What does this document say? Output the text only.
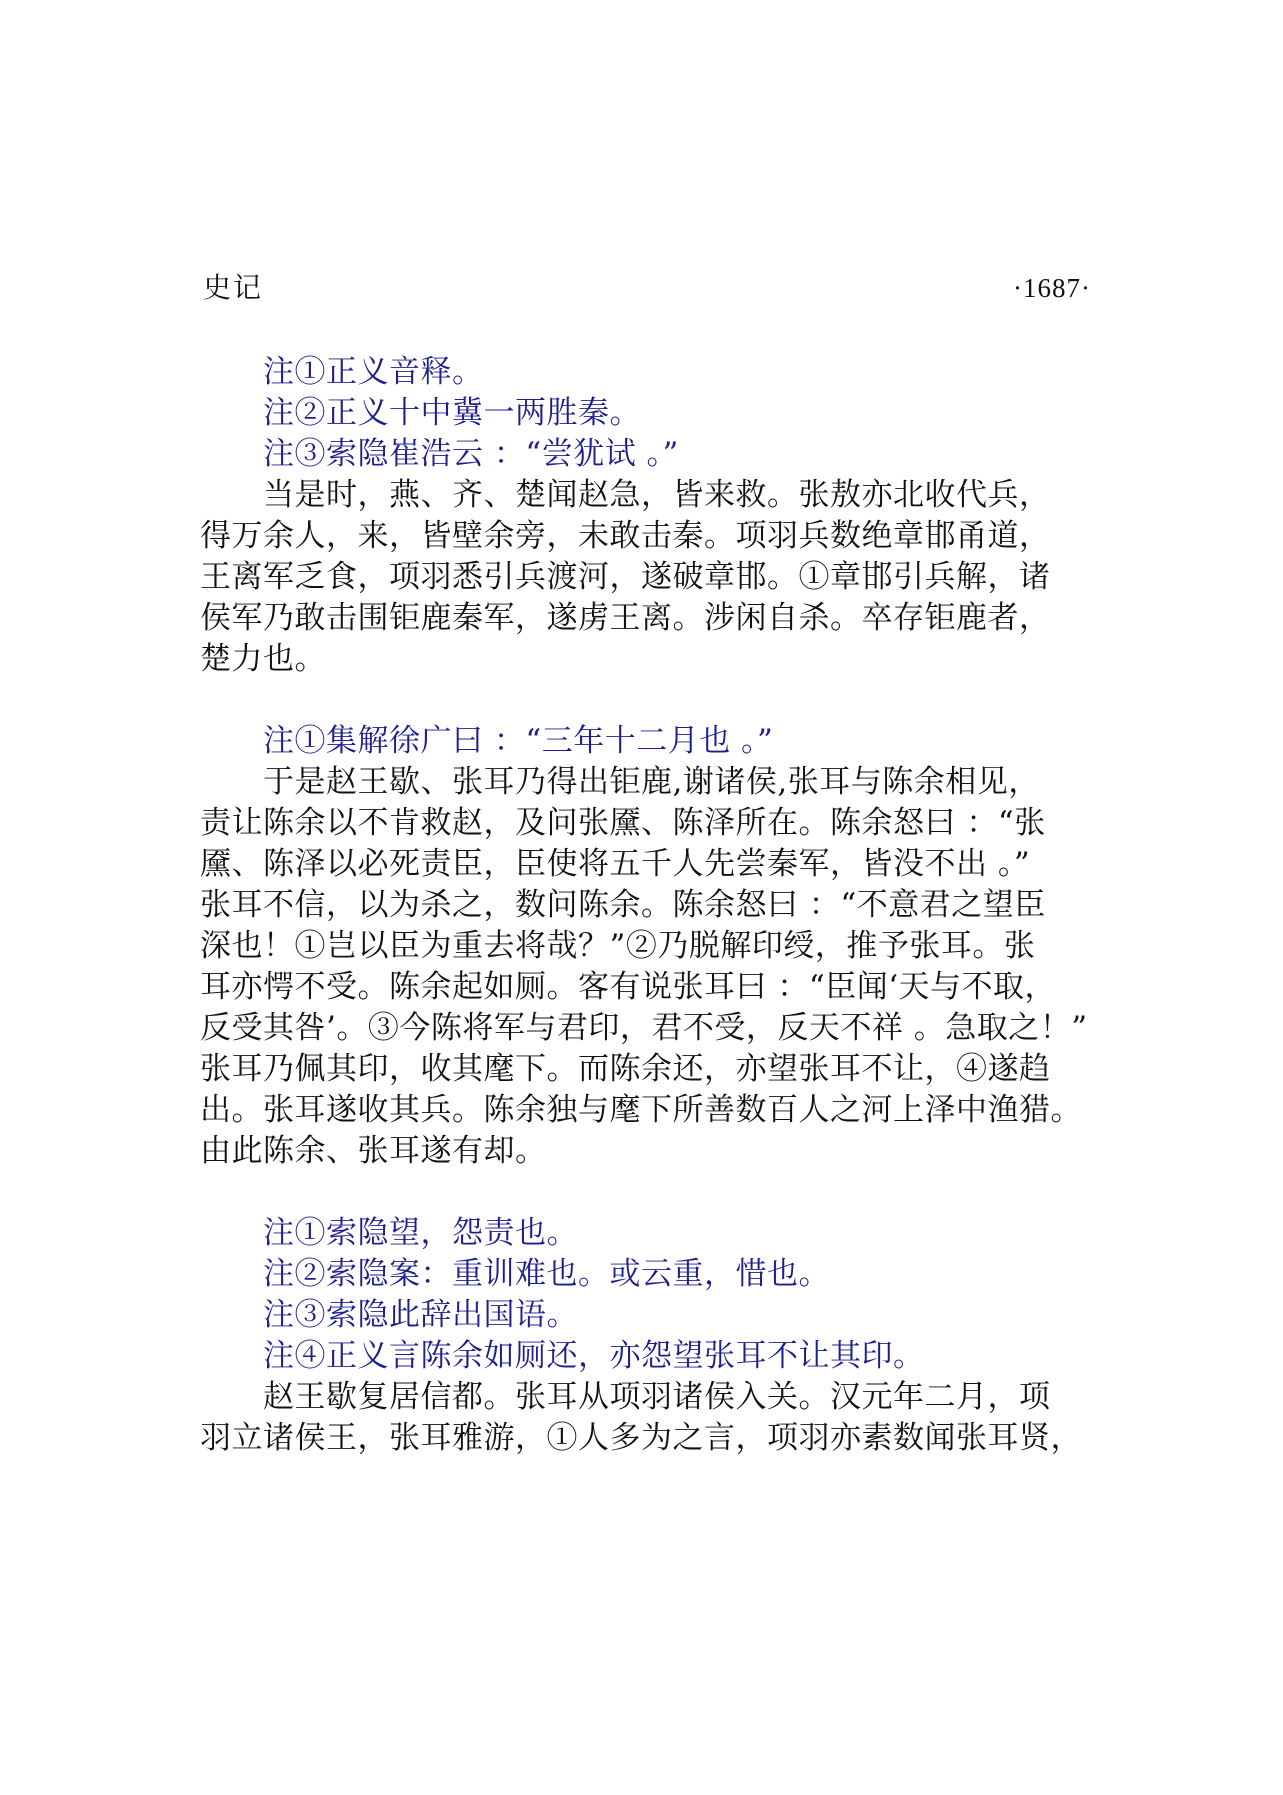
史记	·1687·
注①正义音释。
注②正义十中冀一两胜秦。
注③索隐崔浩云 ：“尝犹试 。”
当是时，燕、齐、楚闻赵急，皆来救。张敖亦北收代兵，
得万余人，来，皆壁余旁，未敢击秦。项羽兵数绝章邯甬道，
王离军乏食，项羽悉引兵渡河，遂破章邯。①章邯引兵解，诸
侯军乃敢击围钜鹿秦军，遂虏王离。涉闲自杀。卒存钜鹿者，
楚力也。
注①集解徐广曰 ：“三年十二月也 。”
于是赵王歇、张耳乃得出钜鹿,谢诸侯,张耳与陈余相见，
责让陈余以不肯救赵，及问张黡、陈泽所在。陈余怒曰 ：“张
黡、陈泽以必死责臣，臣使将五千人先尝秦军，皆没不出 。”
张耳不信，以为杀之，数问陈余。陈余怒曰 ：“不意君之望臣
深也！①岂以臣为重去将哉？”②乃脱解印绶，推予张耳。张
耳亦愕不受。陈余起如厕。客有说张耳曰 ：“臣闻‘天与不取，
反受其咎’。③今陈将军与君印，君不受，反天不祥 。急取之！”
张耳乃佩其印，收其麾下。而陈余还，亦望张耳不让，④遂趋
出。张耳遂收其兵。陈余独与麾下所善数百人之河上泽中渔猎。
由此陈余、张耳遂有却。
注①索隐望，怨责也。
注②索隐案：重训难也。或云重，惜也。
注③索隐此辞出国语。
注④正义言陈余如厕还，亦怨望张耳不让其印。
赵王歇复居信都。张耳从项羽诸侯入关。汉元年二月，项
羽立诸侯王，张耳雅游，①人多为之言，项羽亦素数闻张耳贤，
